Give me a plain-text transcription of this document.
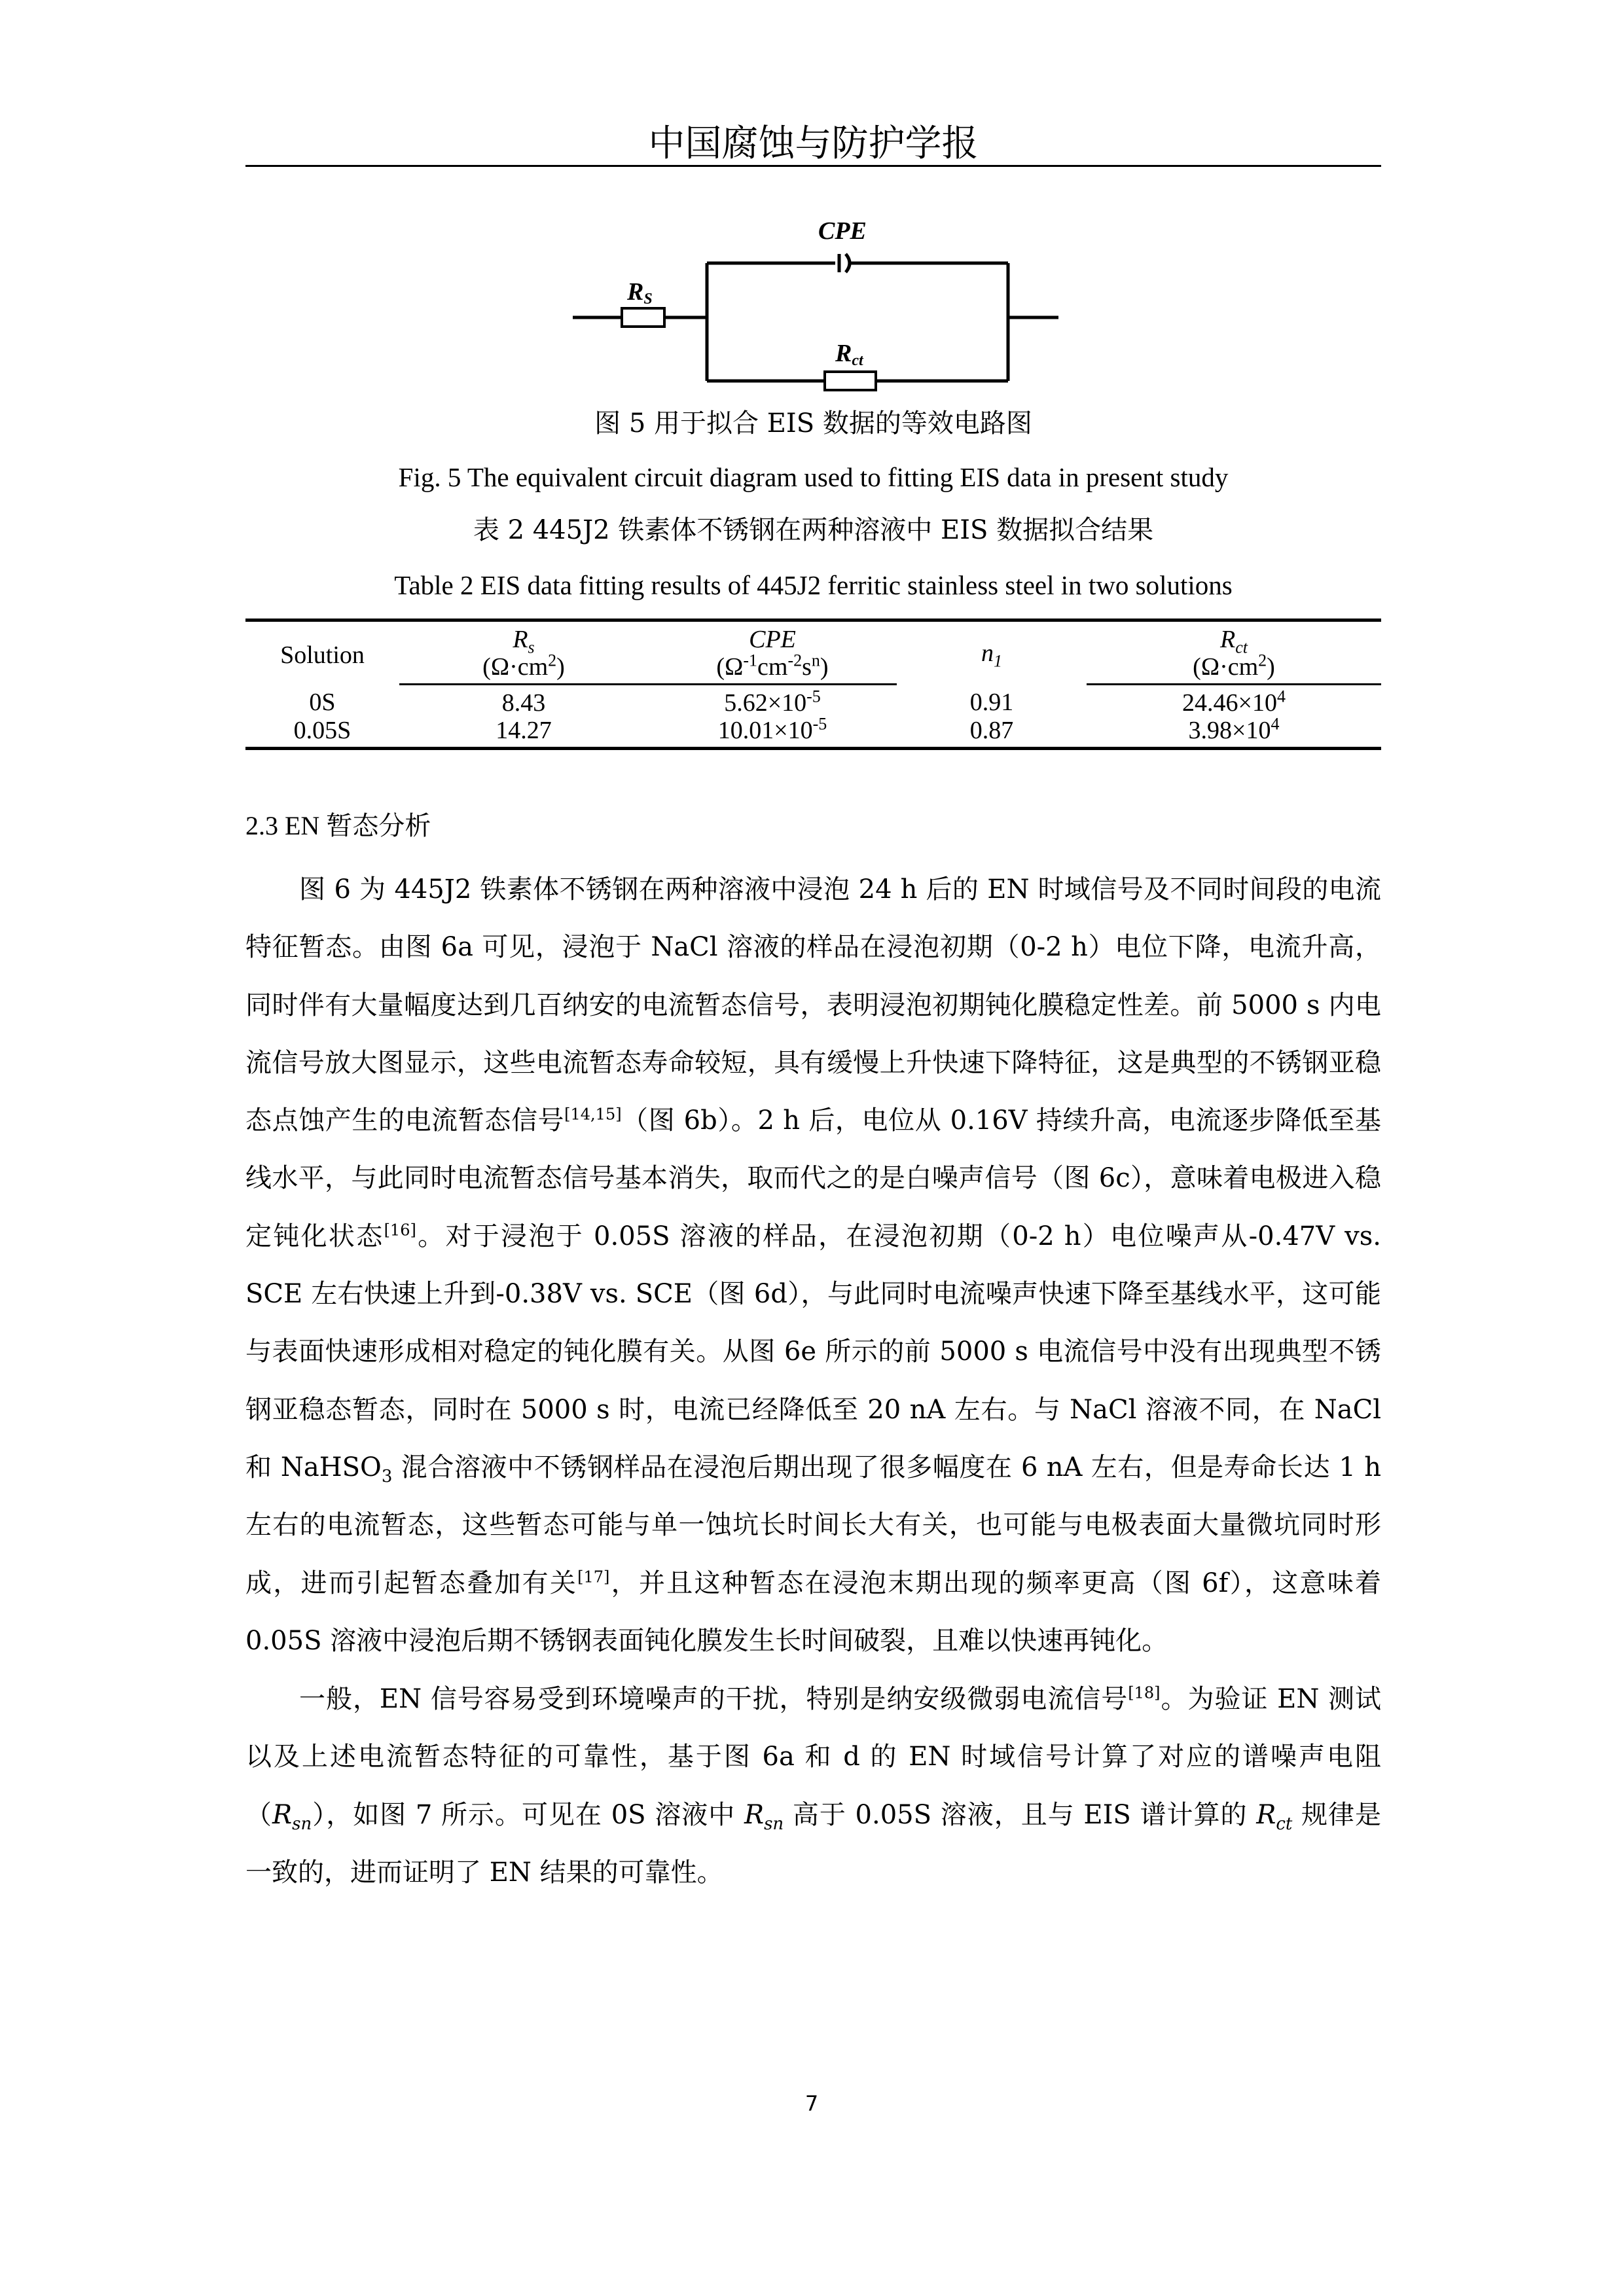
中国腐蚀与防护学报
CPE
RS
Rct
图 5 用于拟合 EIS 数据的等效电路图
Fig. 5 The equivalent circuit diagram used to fitting EIS data in present study
表 2 445J2 铁素体不锈钢在两种溶液中 EIS 数据拟合结果
Table 2 EIS data fitting results of 445J2 ferritic stainless steel in two solutions
Solution	$R_s$	CPE	$n_1$	$R_{ct}$
	$(\Omega\cdot cm^2)$	$(\Omega^{-1}cm^{-2}s^n)$		$(\Omega\cdot cm^2)$
0S	8.43	$5.62\times 10^{-5}$	0.91	$24.46\times 10^4$
0.05S	14.27	$10.01\times 10^{-5}$	0.87	$3.98\times 10^4$
2.3 EN 暂态分析

图 6 为 445J2 铁素体不锈钢在两种溶液中浸泡 24 h 后的 EN 时域信号及不同时间段的电流特征暂态。由图 6a 可见，浸泡于 NaCl 溶液的样品在浸泡初期（0-2 h）电位下降，电流升高，同时伴有大量幅度达到几百纳安的电流暂态信号，表明浸泡初期钝化膜稳定性差。前 5000 s 内电流信号放大图显示，这些电流暂态寿命较短，具有缓慢上升快速下降特征，这是典型的不锈钢亚稳态点蚀产生的电流暂态信号[14,15]（图 6b）。2 h 后，电位从 0.16V 持续升高，电流逐步降低至基线水平，与此同时电流暂态信号基本消失，取而代之的是白噪声信号（图 6c），意味着电极进入稳定钝化状态[16]。对于浸泡于 0.05S 溶液的样品，在浸泡初期（0-2 h）电位噪声从-0.47V vs. SCE 左右快速上升到-0.38V vs. SCE（图 6d），与此同时电流噪声快速下降至基线水平，这可能与表面快速形成相对稳定的钝化膜有关。从图 6e 所示的前 5000 s 电流信号中没有出现典型不锈钢亚稳态暂态，同时在 5000 s 时，电流已经降低至 20 nA 左右。与 NaCl 溶液不同，在 NaCl 和 NaHSO$_3$ 混合溶液中不锈钢样品在浸泡后期出现了很多幅度在 6 nA 左右，但是寿命长达 1 h 左右的电流暂态，这些暂态可能与单一蚀坑长时间长大有关，也可能与电极表面大量微坑同时形成，进而引起暂态叠加有关[17]，并且这种暂态在浸泡末期出现的频率更高（图 6f），这意味着 0.05S 溶液中浸泡后期不锈钢表面钝化膜发生长时间破裂，且难以快速再钝化。

一般，EN 信号容易受到环境噪声的干扰，特别是纳安级微弱电流信号[18]。为验证 EN 测试以及上述电流暂态特征的可靠性，基于图 6a 和 d 的 EN 时域信号计算了对应的谱噪声电阻$(R_{sn})$，如图 7 所示。可见在 0S 溶液中 $R_{sn}$ 高于 0.05S 溶液，且与 EIS 谱计算的 $R_{ct}$ 规律是一致的，进而证明了 EN 结果的可靠性。

7
